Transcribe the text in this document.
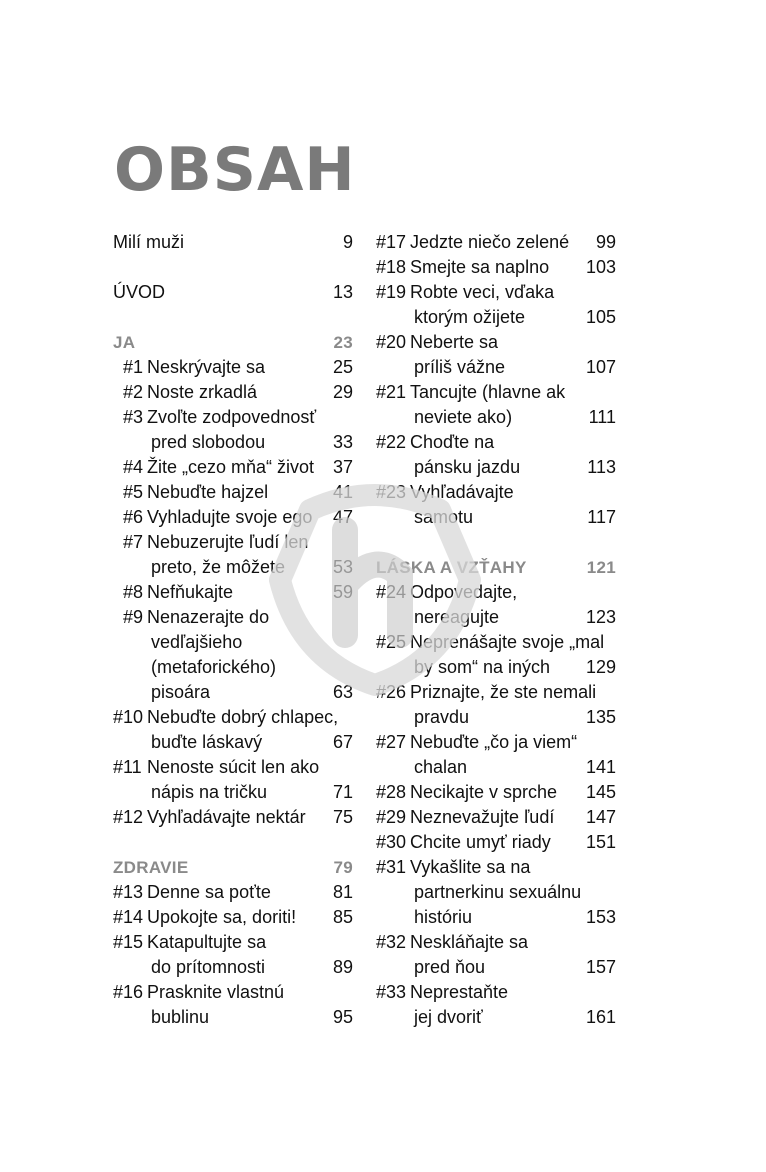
OBSAH
Milí muži	9
ÚVOD	13
JA	23
#1 Neskrývajte sa	25
#2 Noste zrkadlá	29
#3 Zvoľte zodpovednosť
pred slobodou	33
#4 Žite „cezo mňa“ život 37
#5 Nebuďte hajzel	41
#6 Vyhladujte svoje ego 47
#7 Nebuzerujte ľudí len
preto, že môžete	53
#8 Nefňukajte	59
#9 Nenazerajte do
vedľajšieho
(metaforického)
pisoára	63
#10 Nebuďte dobrý chlapec,
buďte láskavý	67
#11 Nenoste súcit len ako
nápis na tričku	71
#12 Vyhľadávajte nektár 75
ZDRAVIE	79
#13 Denne sa poťte	81
#14 Upokojte sa, doriti! 85
#15 Katapultujte sa
do prítomnosti	89
#16 Prasknite vlastnú
bublinu	95
#17 Jedzte niečo zelené 99
#18 Smejte sa naplno 103
#19 Robte veci, vďaka
ktorým ožijete	105
#20 Neberte sa
príliš vážne	107
#21 Tancujte (hlavne ak
neviete ako)	111
#22 Choďte na
pánsku jazdu	113
#23 Vyhľadávajte
samotu	117
LÁSKA A VZŤAHY	121
#24 Odpovedajte,
nereagujte	123
#25 Neprenášajte svoje „mal
by som“ na iných 129
#26 Priznajte, že ste nemali
pravdu	135
#27 Nebuďte „čo ja viem“
chalan	141
#28 Necikajte v sprche 145
#29 Neznevažujte ľudí 147
#30 Chcite umyť riady 151
#31 Vykašlite sa na
partnerkinu sexuálnu
históriu	153
#32 Neskláňajte sa
pred ňou	157
#33 Neprestaňte
jej dvoriť	161
